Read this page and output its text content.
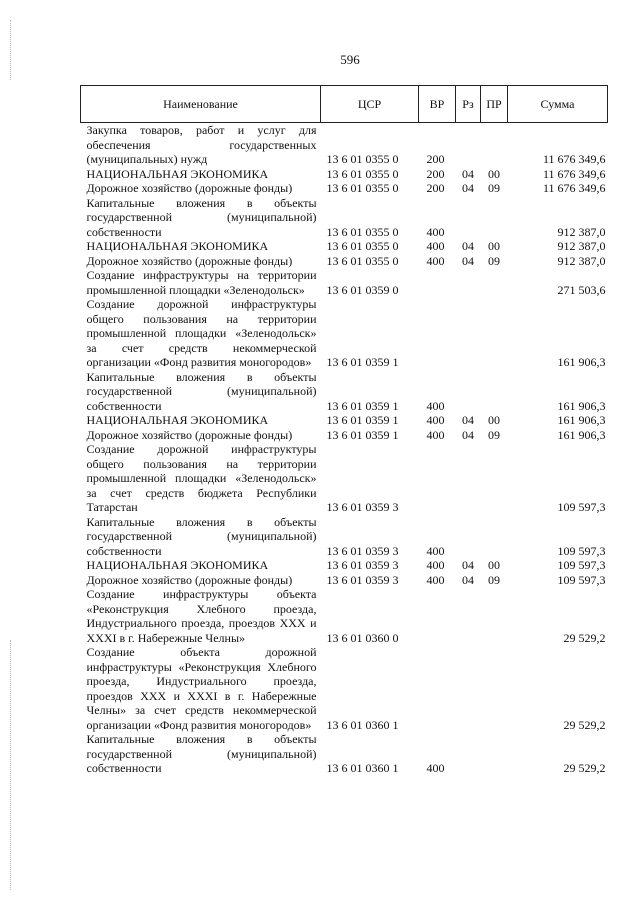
596
Наименование	ЦСР	ВР	Рз	ПР	Сумма
Закупка товаров, работ и услуг для обеспечения государственных (муниципальных) нужд	13 6 01 0355 0	200			11 676 349,6
НАЦИОНАЛЬНАЯ ЭКОНОМИКА	13 6 01 0355 0	200	04	00	11 676 349,6
Дорожное хозяйство (дорожные фонды)	13 6 01 0355 0	200	04	09	11 676 349,6
Капитальные вложения в объекты государственной (муниципальной) собственности	13 6 01 0355 0	400			912 387,0
НАЦИОНАЛЬНАЯ ЭКОНОМИКА	13 6 01 0355 0	400	04	00	912 387,0
Дорожное хозяйство (дорожные фонды)	13 6 01 0355 0	400	04	09	912 387,0
Создание инфраструктуры на территории промышленной площадки «Зеленодольск»	13 6 01 0359 0				271 503,6
Создание дорожной инфраструктуры общего пользования на территории промышленной площадки «Зеленодольск» за счет средств некоммерческой организации «Фонд развития моногородов»	13 6 01 0359 1				161 906,3
Капитальные вложения в объекты государственной (муниципальной) собственности	13 6 01 0359 1	400			161 906,3
НАЦИОНАЛЬНАЯ ЭКОНОМИКА	13 6 01 0359 1	400	04	00	161 906,3
Дорожное хозяйство (дорожные фонды)	13 6 01 0359 1	400	04	09	161 906,3
Создание дорожной инфраструктуры общего пользования на территории промышленной площадки «Зеленодольск» за счет средств бюджета Республики Татарстан	13 6 01 0359 3				109 597,3
Капитальные вложения в объекты государственной (муниципальной) собственности	13 6 01 0359 3	400			109 597,3
НАЦИОНАЛЬНАЯ ЭКОНОМИКА	13 6 01 0359 3	400	04	00	109 597,3
Дорожное хозяйство (дорожные фонды)	13 6 01 0359 3	400	04	09	109 597,3
Создание инфраструктуры объекта «Реконструкция Хлебного проезда, Индустриального проезда, проездов XXX и XXXI в г. Набережные Челны»	13 6 01 0360 0				29 529,2
Создание объекта дорожной инфраструктуры «Реконструкция Хлебного проезда, Индустриального проезда, проездов XXX и XXXI в г. Набережные Челны» за счет средств некоммерческой организации «Фонд развития моногородов»	13 6 01 0360 1				29 529,2
Капитальные вложения в объекты государственной (муниципальной) собственности	13 6 01 0360 1	400			29 529,2
